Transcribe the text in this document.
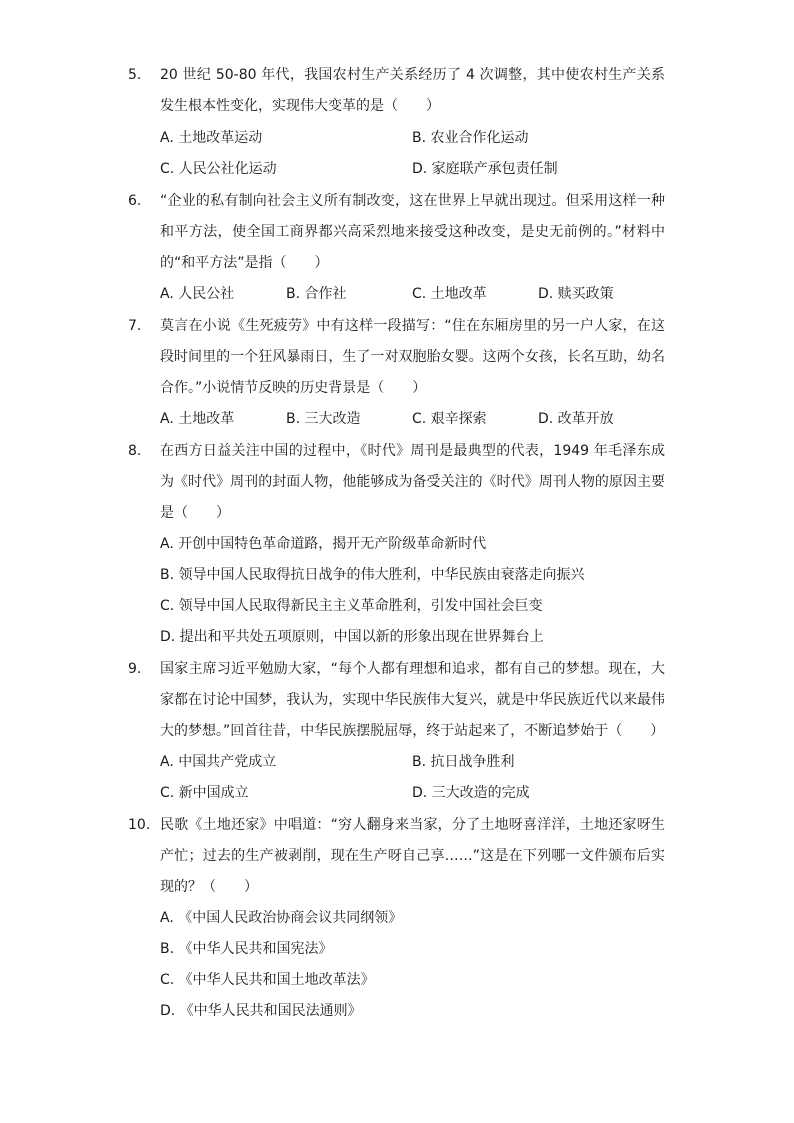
5. 20 世纪 50-80 年代，我国农村生产关系经历了 4 次调整，其中使农村生产关系发生根本性变化，实现伟大变革的是（　　）
A. 土地改革运动	B. 农业合作化运动
C. 人民公社化运动	D. 家庭联产承包责任制
6. “企业的私有制向社会主义所有制改变，这在世界上早就出现过。但采用这样一种和平方法，使全国工商界都兴高采烈地来接受这种改变，是史无前例的。”材料中的“和平方法”是指（　　）
A. 人民公社	B. 合作社	C. 土地改革	D. 赎买政策
7. 莫言在小说《生死疲劳》中有这样一段描写：“住在东厢房里的另一户人家，在这段时间里的一个狂风暴雨日，生了一对双胞胎女婴。这两个女孩，长名互助，幼名合作。”小说情节反映的历史背景是（　　）
A. 土地改革	B. 三大改造	C. 艰辛探索	D. 改革开放
8. 在西方日益关注中国的过程中，《时代》周刊是最典型的代表，1949 年毛泽东成为《时代》周刊的封面人物，他能够成为备受关注的《时代》周刊人物的原因主要是（　　）
A. 开创中国特色革命道路，揭开无产阶级革命新时代
B. 领导中国人民取得抗日战争的伟大胜利，中华民族由衰落走向振兴
C. 领导中国人民取得新民主主义革命胜利，引发中国社会巨变
D. 提出和平共处五项原则，中国以新的形象出现在世界舞台上
9. 国家主席习近平勉励大家，“每个人都有理想和追求，都有自己的梦想。现在，大家都在讨论中国梦，我认为，实现中华民族伟大复兴，就是中华民族近代以来最伟大的梦想。”回首往昔，中华民族摆脱屈辱，终于站起来了，不断追梦始于（　　）
A. 中国共产党成立	B. 抗日战争胜利
C. 新中国成立	D. 三大改造的完成
10. 民歌《土地还家》中唱道：“穷人翻身来当家，分了土地呀喜洋洋，土地还家呀生产忙；过去的生产被剥削，现在生产呀自己享……”这是在下列哪一文件颁布后实现的？（　　）
A. 《中国人民政治协商会议共同纲领》
B. 《中华人民共和国宪法》
C. 《中华人民共和国土地改革法》
D. 《中华人民共和国民法通则》
